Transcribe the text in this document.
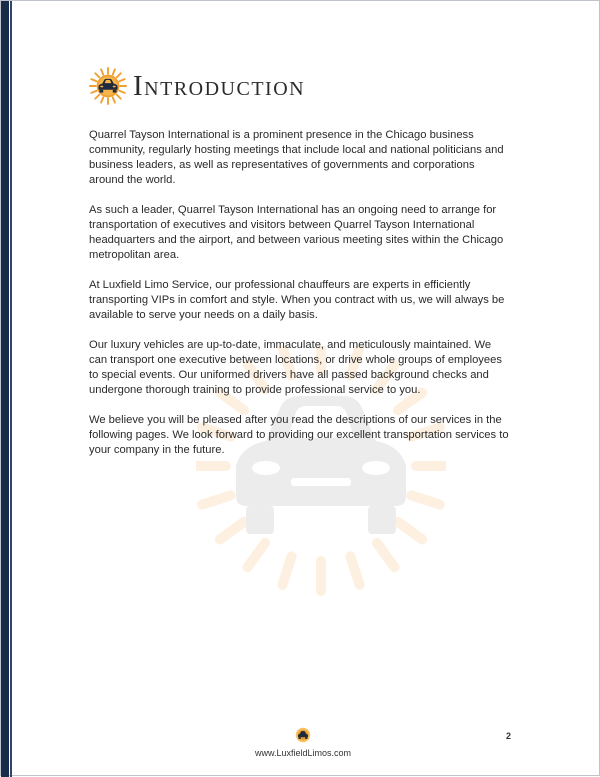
Introduction

Quarrel Tayson International is a prominent presence in the Chicago business community, regularly hosting meetings that include local and national politicians and business leaders, as well as representatives of governments and corporations around the world.

As such a leader, Quarrel Tayson International has an ongoing need to arrange for transportation of executives and visitors between Quarrel Tayson International headquarters and the airport, and between various meeting sites within the Chicago metropolitan area.

At Luxfield Limo Service, our professional chauffeurs are experts in efficiently transporting VIPs in comfort and style. When you contract with us, we will always be available to serve your needs on a daily basis.

Our luxury vehicles are up-to-date, immaculate, and meticulously maintained. We can transport one executive between locations, or drive whole groups of employees to special events. Our uniformed drivers have all passed background checks and undergone thorough training to provide professional service to you.

We believe you will be pleased after you read the descriptions of our services in the following pages. We look forward to providing our excellent transportation services to your company in the future.

www.LuxfieldLimos.com
2
